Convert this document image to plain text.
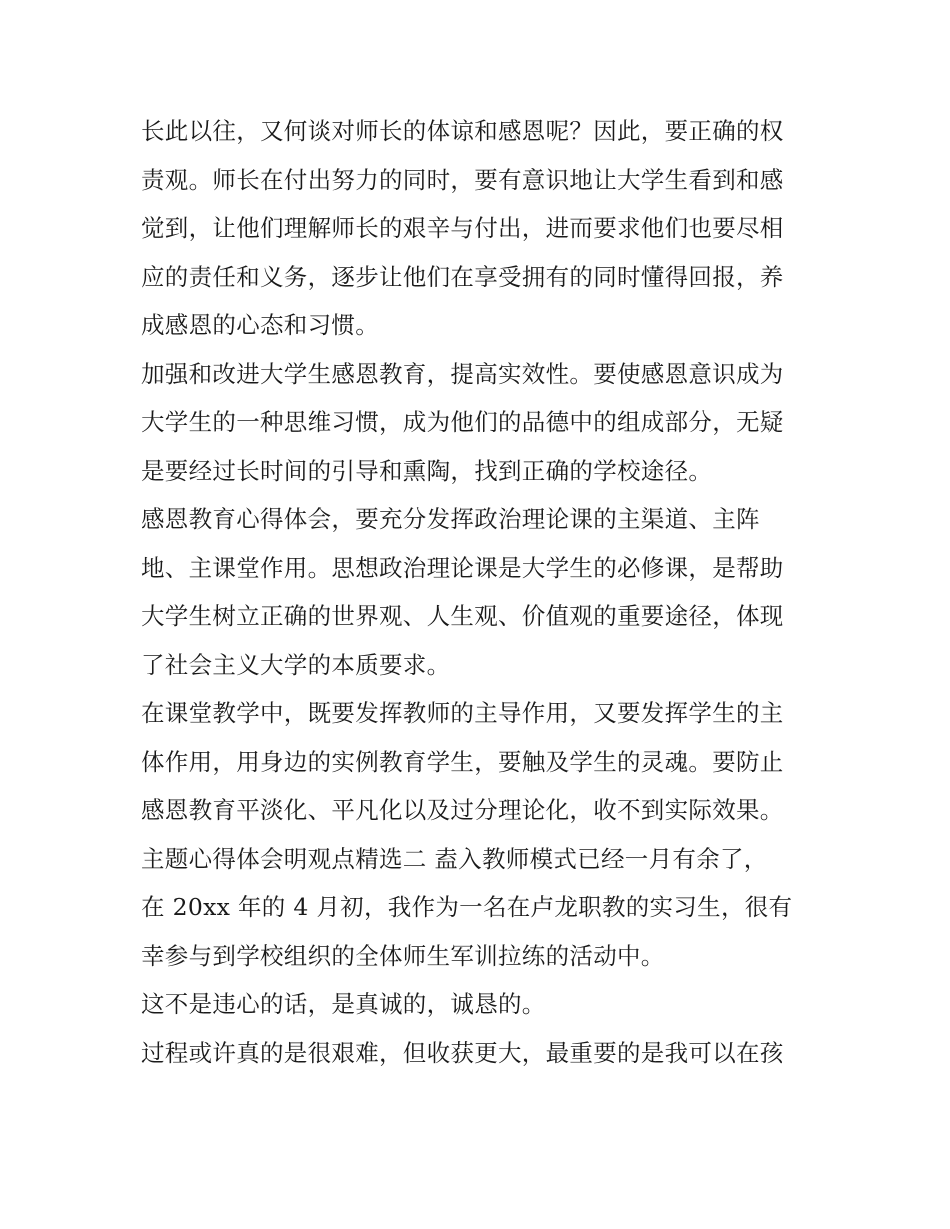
长此以往，又何谈对师长的体谅和感恩呢？因此，要正确的权
责观。师长在付出努力的同时，要有意识地让大学生看到和感
觉到，让他们理解师长的艰辛与付出，进而要求他们也要尽相
应的责任和义务，逐步让他们在享受拥有的同时懂得回报，养
成感恩的心态和习惯。
加强和改进大学生感恩教育，提高实效性。要使感恩意识成为
大学生的一种思维习惯，成为他们的品德中的组成部分，无疑
是要经过长时间的引导和熏陶，找到正确的学校途径。
感恩教育心得体会，要充分发挥政治理论课的主渠道、主阵
地、主课堂作用。思想政治理论课是大学生的必修课，是帮助
大学生树立正确的世界观、人生观、价值观的重要途径，体现
了社会主义大学的本质要求。
在课堂教学中，既要发挥教师的主导作用，又要发挥学生的主
体作用，用身边的实例教育学生，要触及学生的灵魂。要防止
感恩教育平淡化、平凡化以及过分理论化，收不到实际效果。
主题心得体会明观点精选二 盍入教师模式已经一月有余了，
在 20xx 年的 4 月初，我作为一名在卢龙职教的实习生，很有
幸参与到学校组织的全体师生军训拉练的活动中。
这不是违心的话，是真诚的，诚恳的。
过程或许真的是很艰难，但收获更大，最重要的是我可以在孩
